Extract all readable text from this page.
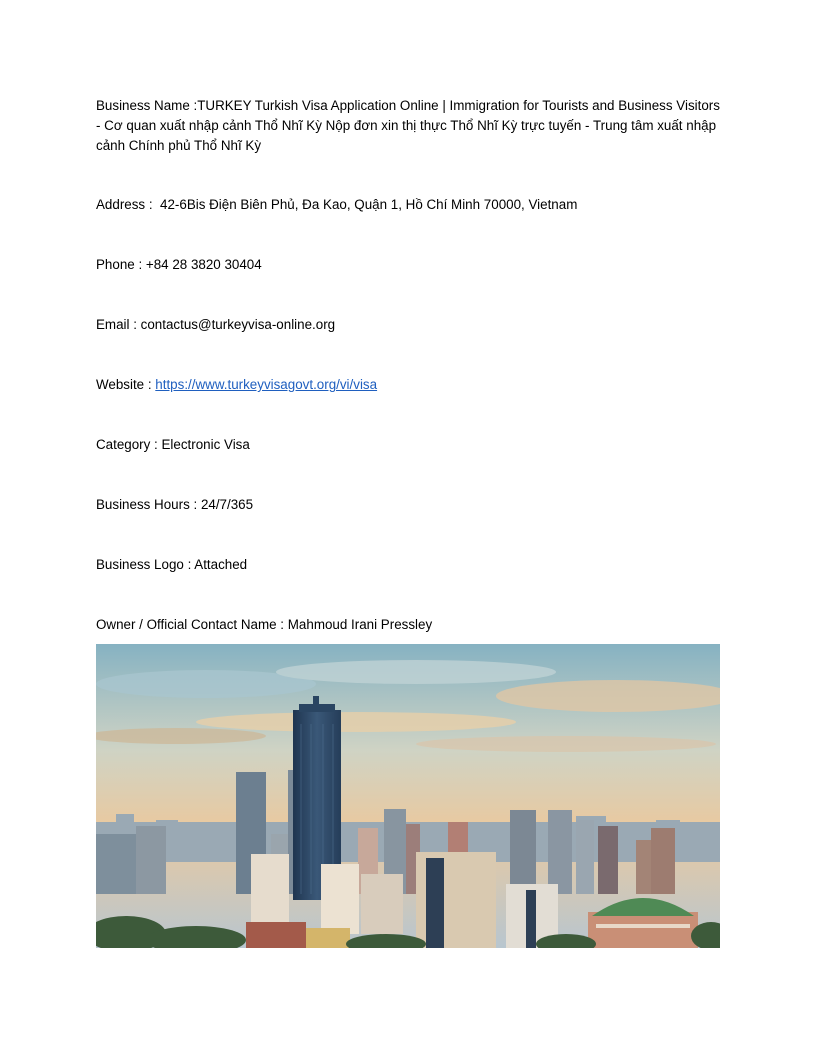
Business Name :TURKEY Turkish Visa Application Online | Immigration for Tourists and Business Visitors - Cơ quan xuất nhập cảnh Thổ Nhĩ Kỳ Nộp đơn xin thị thực Thổ Nhĩ Kỳ trực tuyến - Trung tâm xuất nhập cảnh Chính phủ Thổ Nhĩ Kỳ
Address :  42-6Bis Điện Biên Phủ, Đa Kao, Quận 1, Hồ Chí Minh 70000, Vietnam
Phone : +84 28 3820 30404
Email : contactus@turkeyvisa-online.org
Website : https://www.turkeyvisagovt.org/vi/visa
Category : Electronic Visa
Business Hours : 24/7/365
Business Logo : Attached
Owner / Official Contact Name : Mahmoud Irani Pressley
